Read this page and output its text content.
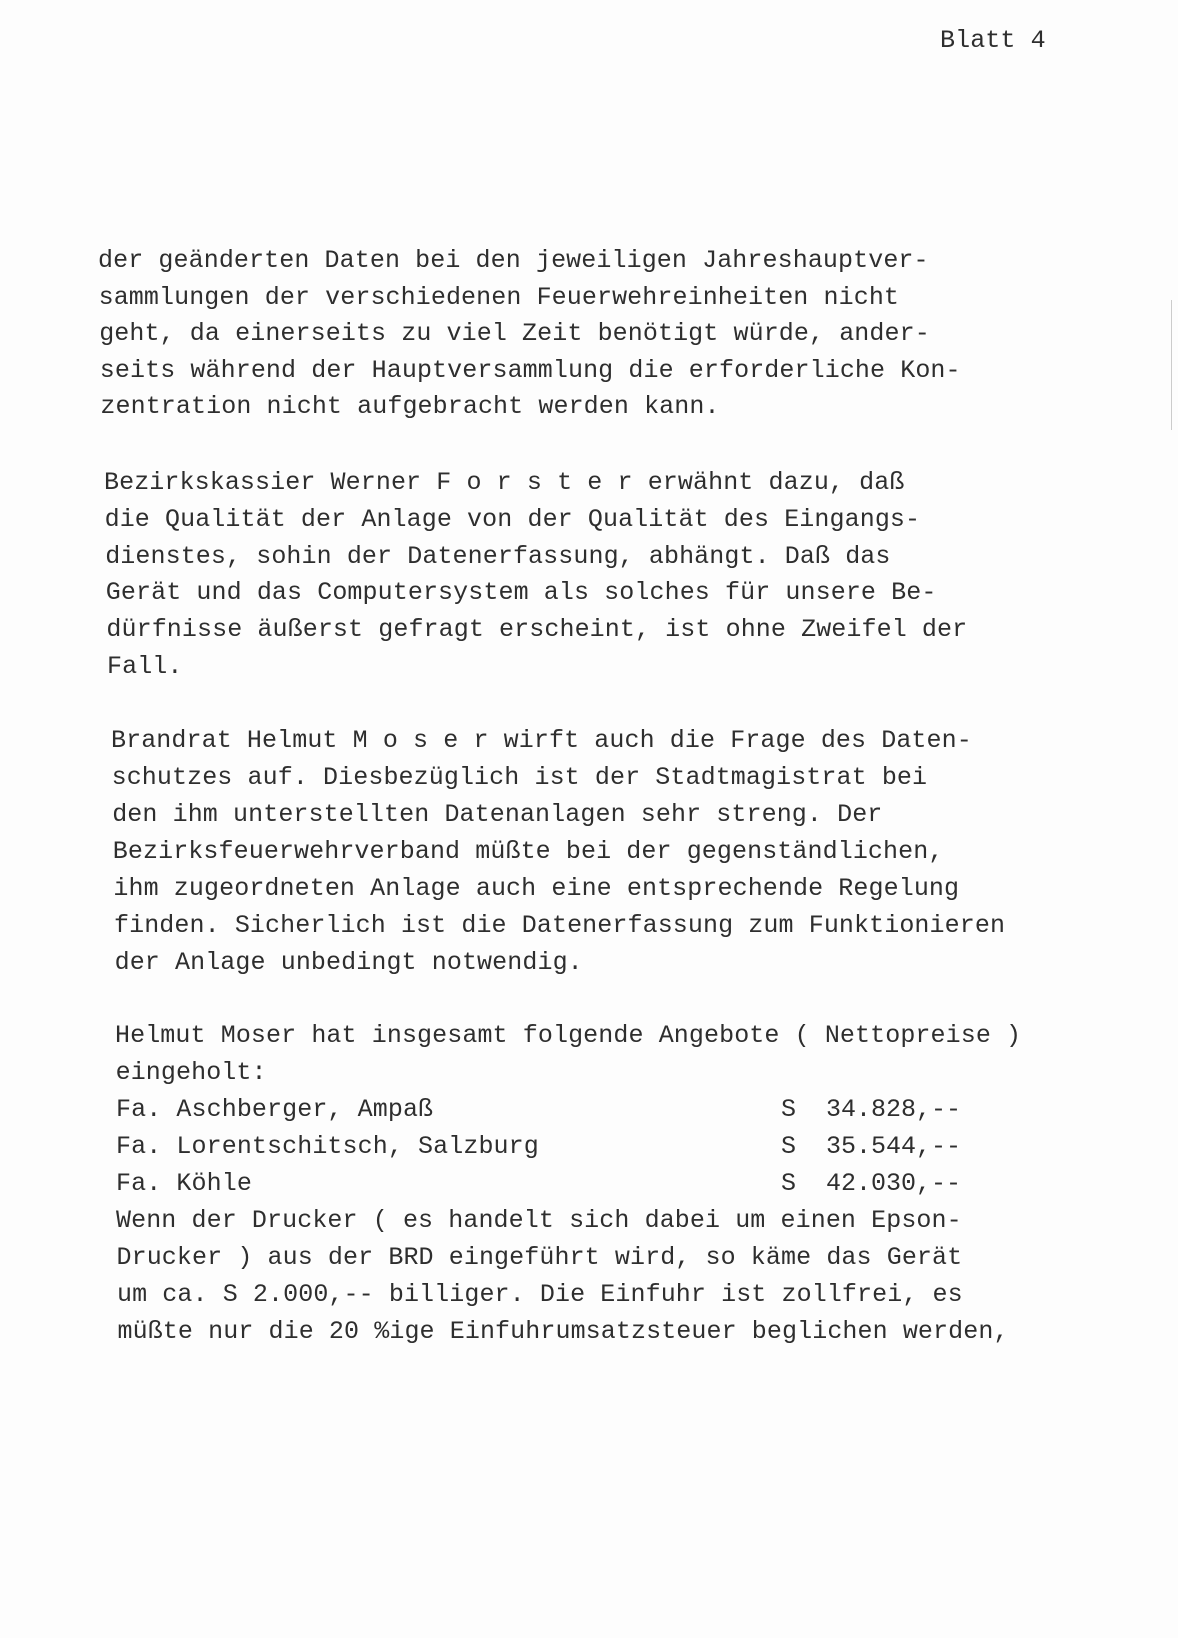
Blatt 4
der geänderten Daten bei den jeweiligen Jahreshauptver-
sammlungen der verschiedenen Feuerwehreinheiten nicht
geht, da einerseits zu viel Zeit benötigt würde, ander-
seits während der Hauptversammlung die erforderliche Kon-
zentration nicht aufgebracht werden kann.
Bezirkskassier Werner F o r s t e r erwähnt dazu, daß
die Qualität der Anlage von der Qualität des Eingangs-
dienstes, sohin der Datenerfassung, abhängt. Daß das
Gerät und das Computersystem als solches für unsere Be-
dürfnisse äußerst gefragt erscheint, ist ohne Zweifel der
Fall.
Brandrat Helmut M o s e r wirft auch die Frage des Daten-
schutzes auf. Diesbezüglich ist der Stadtmagistrat bei
den ihm unterstellten Datenanlagen sehr streng. Der
Bezirksfeuerwehrverband müßte bei der gegenständlichen,
ihm zugeordneten Anlage auch eine entsprechende Regelung
finden. Sicherlich ist die Datenerfassung zum Funktionieren
der Anlage unbedingt notwendig.
Helmut Moser hat insgesamt folgende Angebote ( Nettopreise )
eingeholt:
Fa. Aschberger, Ampaß	S  34.828,--
Fa. Lorentschitsch, Salzburg	S  35.544,--
Fa. Köhle	S  42.030,--
Wenn der Drucker ( es handelt sich dabei um einen Epson-
Drucker ) aus der BRD eingeführt wird, so käme das Gerät
um ca. S 2.000,-- billiger. Die Einfuhr ist zollfrei, es
müßte nur die 20 %ige Einfuhrumsatzsteuer beglichen werden,
